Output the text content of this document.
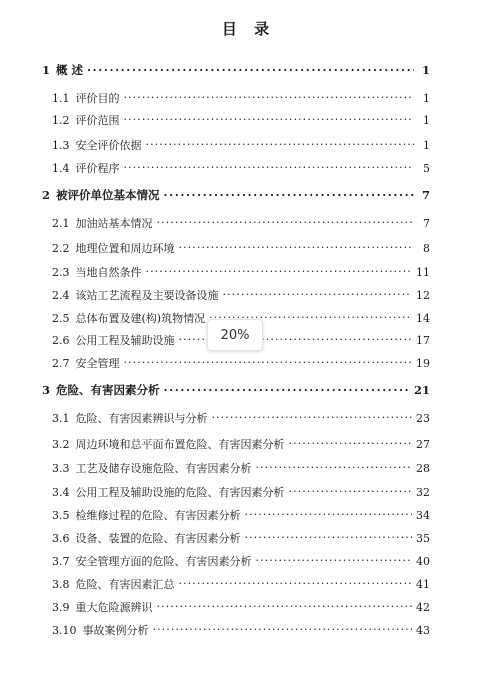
目 录
1 概 述 . . .	1
1.1 评价目的 . . .	1
1.2 评价范围 . . .	1
1.3 安全评价依据 . . .	1
1.4 评价程序 . . .	5
2 被评价单位基本情况 . . .	7
2.1 加油站基本情况 . . .	7
2.2 地理位置和周边环境 . . .	8
2.3 当地自然条件 . . .	11
2.4 该站工艺流程及主要设备设施 . . .	12
2.5 总体布置及建(构)筑物情况 . . .	14
2.6 公用工程及辅助设施 . . .	17
2.7 安全管理 . . .	19
3 危险、有害因素分析 . . .	21
3.1 危险、有害因素辨识与分析 . . .	23
3.2 周边环境和总平面布置危险、有害因素分析 . . .	27
3.3 工艺及储存设施危险、有害因素分析 . . .	28
3.4 公用工程及辅助设施的危险、有害因素分析 . . .	32
3.5 检维修过程的危险、有害因素分析 . . .	34
3.6 设备、装置的危险、有害因素分析 . . .	35
3.7 安全管理方面的危险、有害因素分析 . . .	40
3.8 危险、有害因素汇总 . . .	41
3.9 重大危险源辨识 . . .	42
3.10 事故案例分析 . . .	43
20%
